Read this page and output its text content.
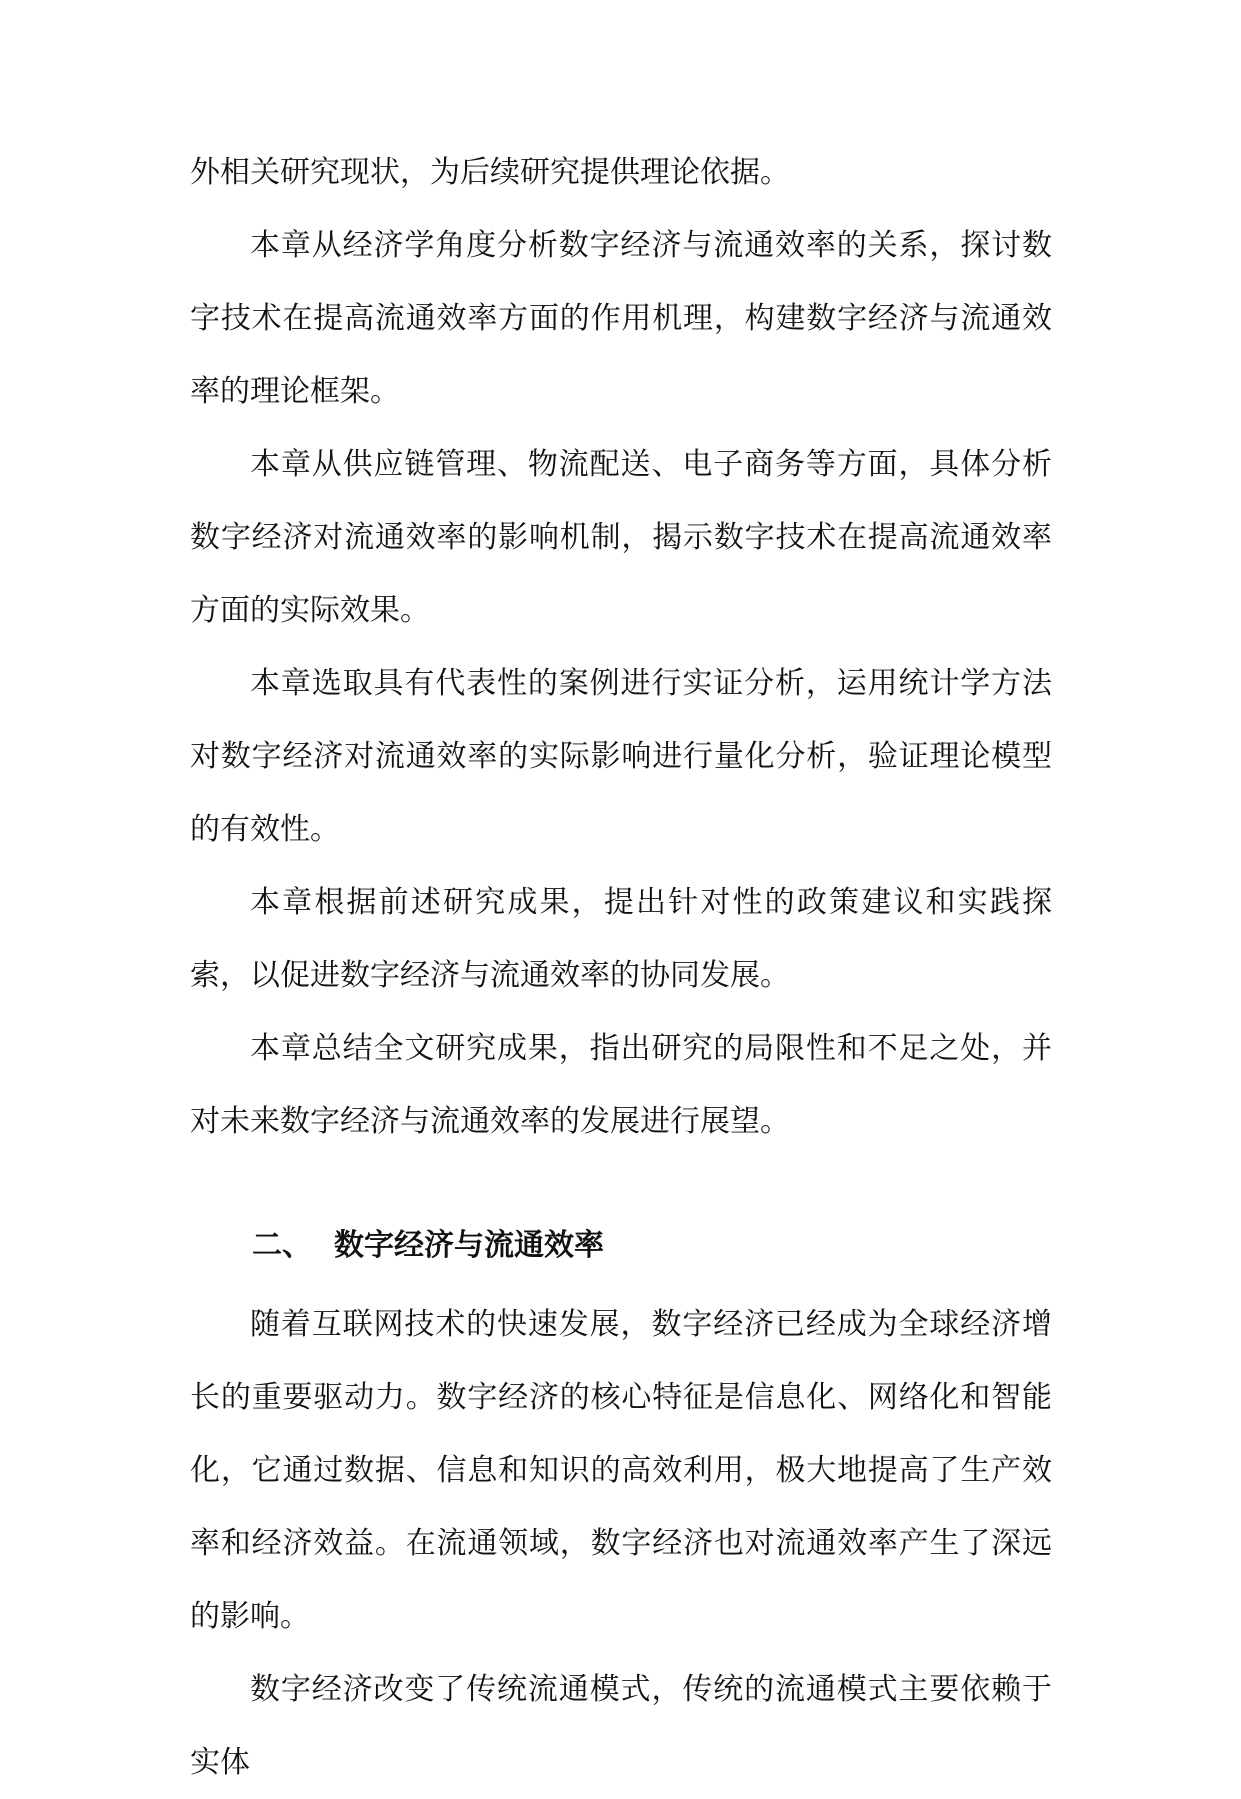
外相关研究现状，为后续研究提供理论依据。

本章从经济学角度分析数字经济与流通效率的关系，探讨数字技术在提高流通效率方面的作用机理，构建数字经济与流通效率的理论框架。

本章从供应链管理、物流配送、电子商务等方面，具体分析数字经济对流通效率的影响机制，揭示数字技术在提高流通效率方面的实际效果。

本章选取具有代表性的案例进行实证分析，运用统计学方法对数字经济对流通效率的实际影响进行量化分析，验证理论模型的有效性。

本章根据前述研究成果，提出针对性的政策建议和实践探索，以促进数字经济与流通效率的协同发展。

本章总结全文研究成果，指出研究的局限性和不足之处，并对未来数字经济与流通效率的发展进行展望。

二、 数字经济与流通效率

随着互联网技术的快速发展，数字经济已经成为全球经济增长的重要驱动力。数字经济的核心特征是信息化、网络化和智能化，它通过数据、信息和知识的高效利用，极大地提高了生产效率和经济效益。在流通领域，数字经济也对流通效率产生了深远的影响。

数字经济改变了传统流通模式，传统的流通模式主要依赖于实体
